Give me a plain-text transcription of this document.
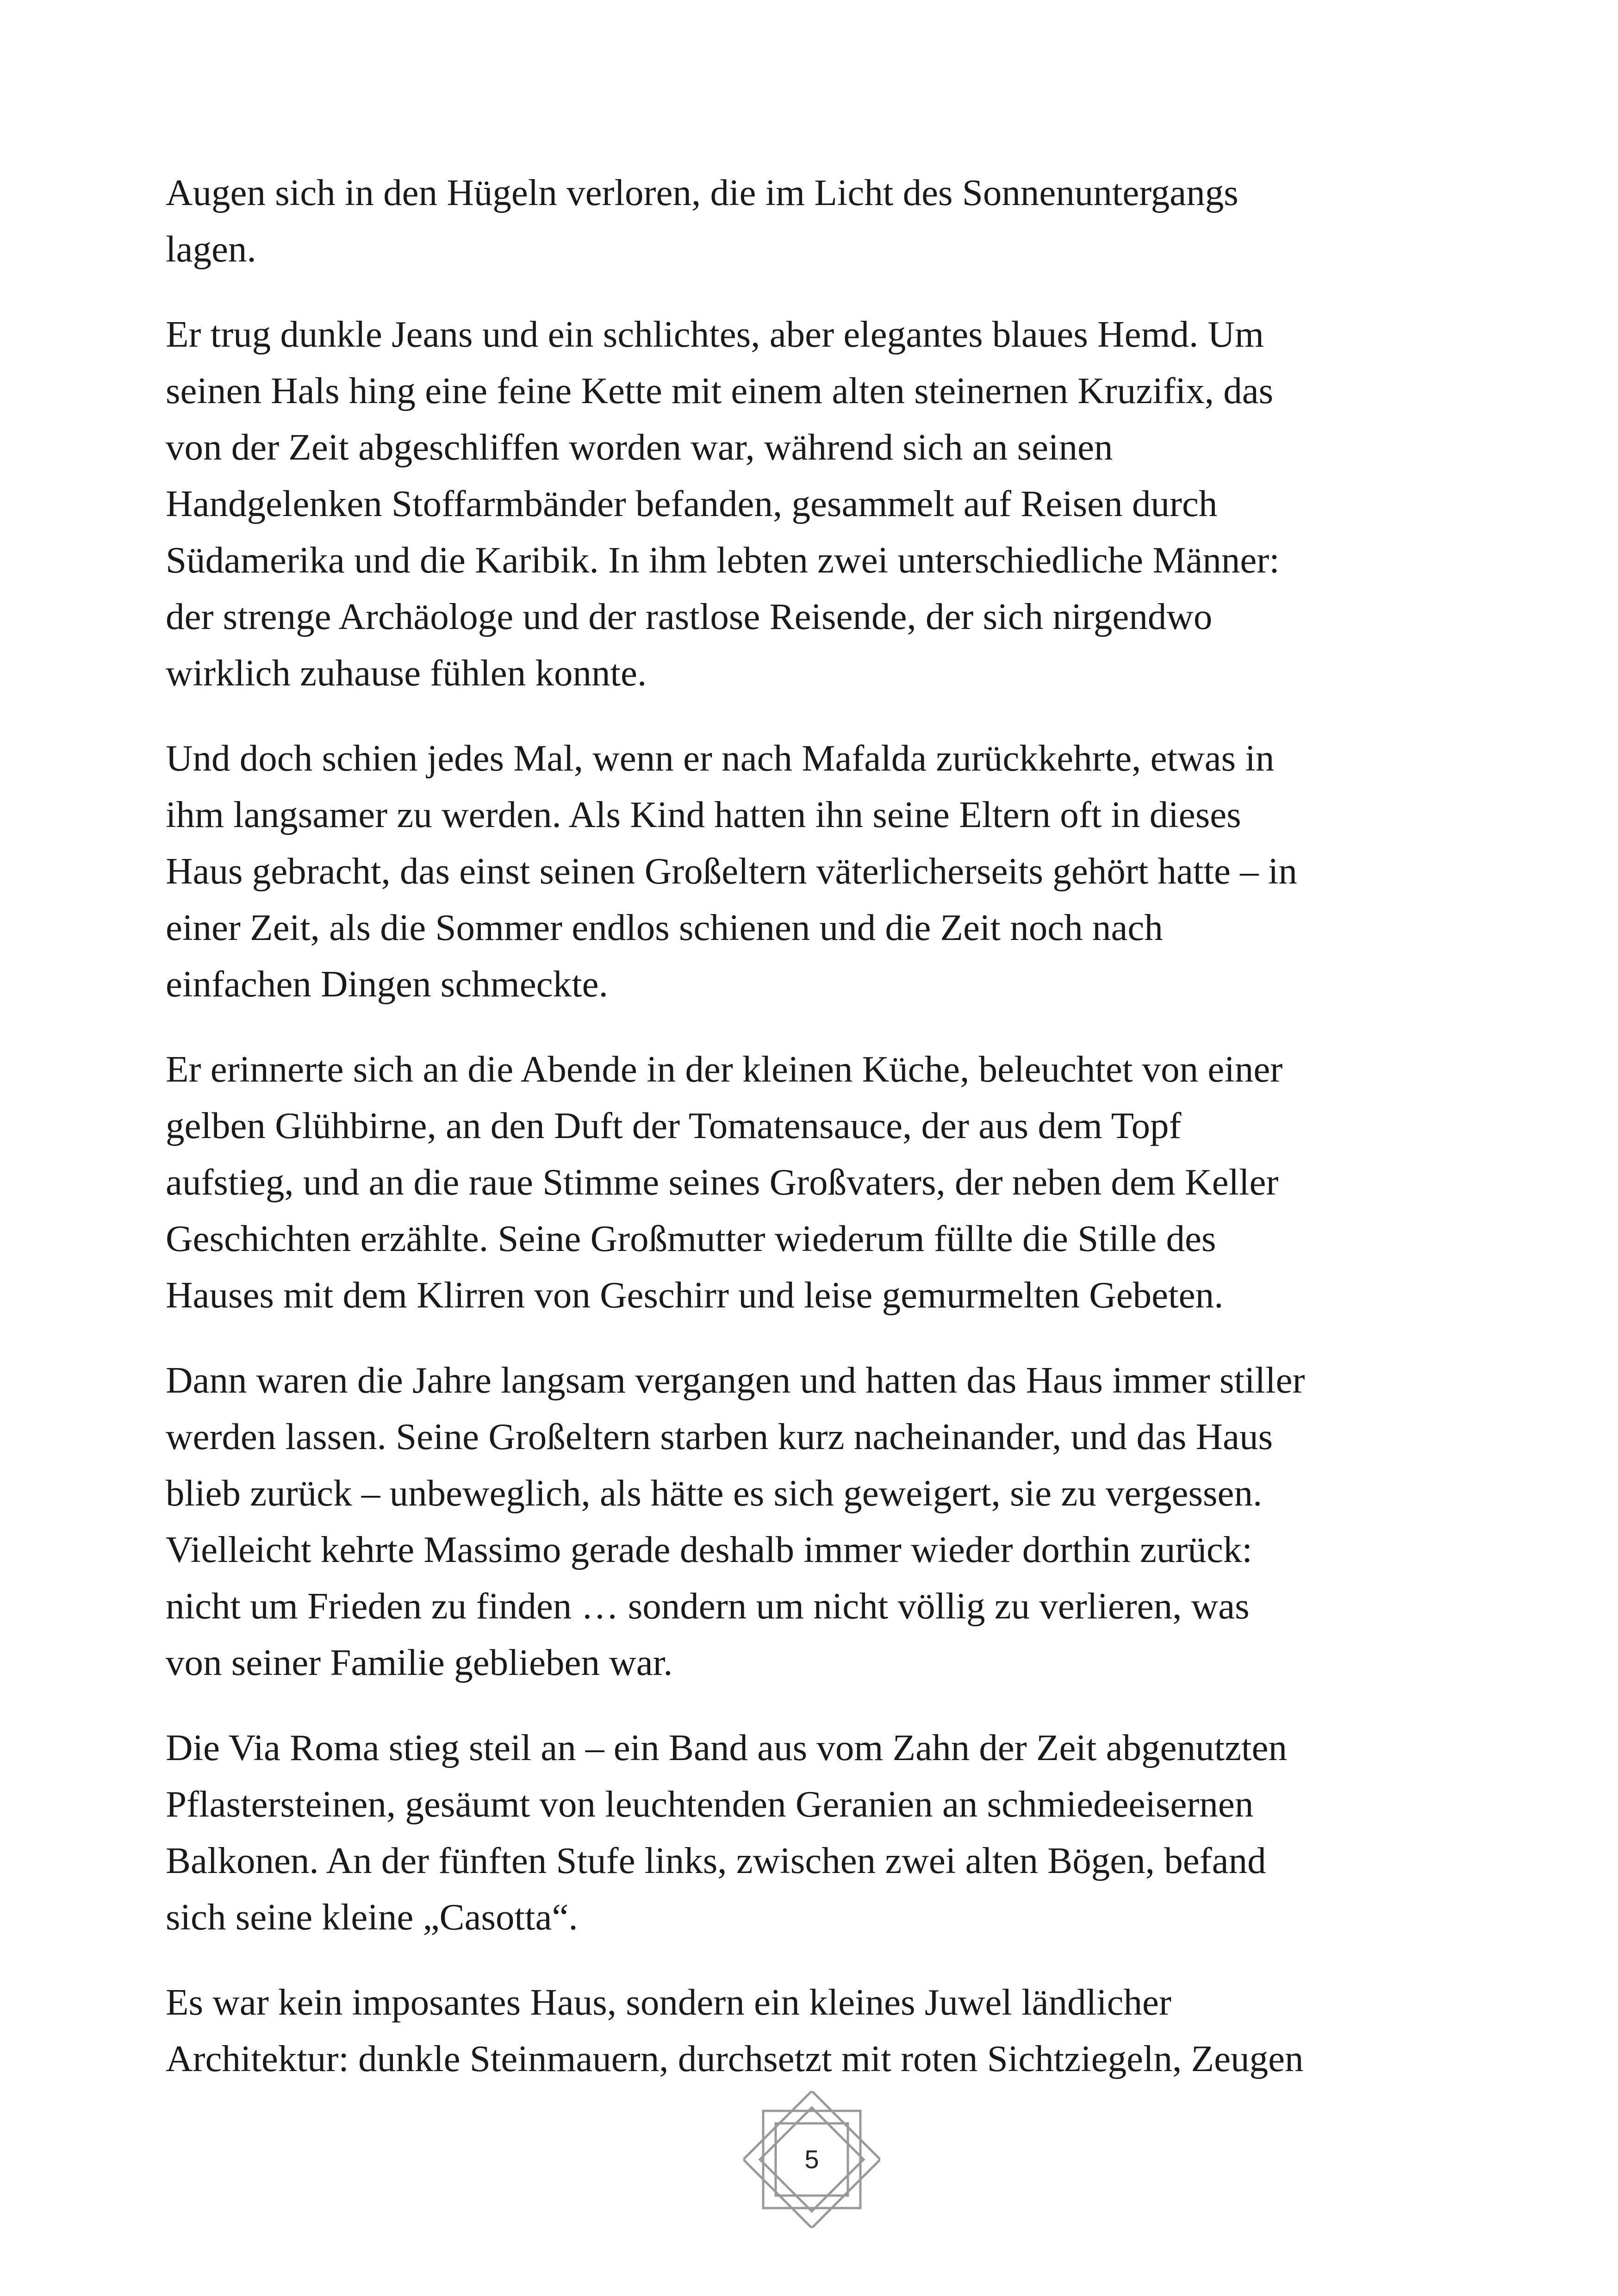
Augen sich in den Hügeln verloren, die im Licht des Sonnenuntergangs
lagen.

Er trug dunkle Jeans und ein schlichtes, aber elegantes blaues Hemd. Um
seinen Hals hing eine feine Kette mit einem alten steinernen Kruzifix, das
von der Zeit abgeschliffen worden war, während sich an seinen
Handgelenken Stoffarmbänder befanden, gesammelt auf Reisen durch
Südamerika und die Karibik. In ihm lebten zwei unterschiedliche Männer:
der strenge Archäologe und der rastlose Reisende, der sich nirgendwo
wirklich zuhause fühlen konnte.

Und doch schien jedes Mal, wenn er nach Mafalda zurückkehrte, etwas in
ihm langsamer zu werden. Als Kind hatten ihn seine Eltern oft in dieses
Haus gebracht, das einst seinen Großeltern väterlicherseits gehört hatte – in
einer Zeit, als die Sommer endlos schienen und die Zeit noch nach
einfachen Dingen schmeckte.

Er erinnerte sich an die Abende in der kleinen Küche, beleuchtet von einer
gelben Glühbirne, an den Duft der Tomatensauce, der aus dem Topf
aufstieg, und an die raue Stimme seines Großvaters, der neben dem Keller
Geschichten erzählte. Seine Großmutter wiederum füllte die Stille des
Hauses mit dem Klirren von Geschirr und leise gemurmelten Gebeten.

Dann waren die Jahre langsam vergangen und hatten das Haus immer stiller
werden lassen. Seine Großeltern starben kurz nacheinander, und das Haus
blieb zurück – unbeweglich, als hätte es sich geweigert, sie zu vergessen.
Vielleicht kehrte Massimo gerade deshalb immer wieder dorthin zurück:
nicht um Frieden zu finden … sondern um nicht völlig zu verlieren, was
von seiner Familie geblieben war.

Die Via Roma stieg steil an – ein Band aus vom Zahn der Zeit abgenutzten
Pflastersteinen, gesäumt von leuchtenden Geranien an schmiedeeisernen
Balkonen. An der fünften Stufe links, zwischen zwei alten Bögen, befand
sich seine kleine „Casotta“.

Es war kein imposantes Haus, sondern ein kleines Juwel ländlicher
Architektur: dunkle Steinmauern, durchsetzt mit roten Sichtziegeln, Zeugen

5
